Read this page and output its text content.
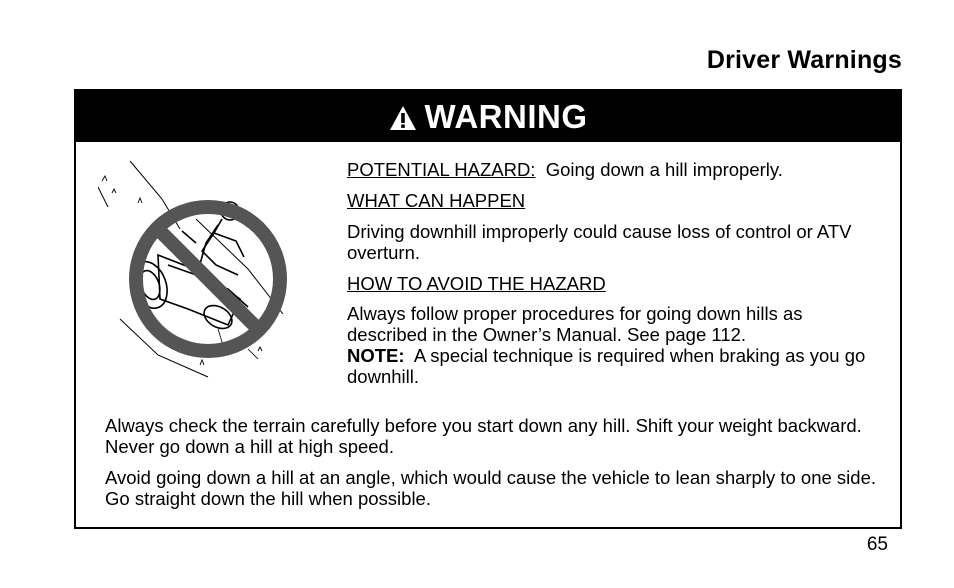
Driver Warnings
WARNING

POTENTIAL HAZARD: Going down a hill improperly.

WHAT CAN HAPPEN

Driving downhill improperly could cause loss of control or ATV overturn.

HOW TO AVOID THE HAZARD

Always follow proper procedures for going down hills as described in the Owner’s Manual. See page 112.

NOTE: A special technique is required when braking as you go downhill.

Always check the terrain carefully before you start down any hill. Shift your weight backward. Never go down a hill at high speed.

Avoid going down a hill at an angle, which would cause the vehicle to lean sharply to one side. Go straight down the hill when possible.

65
